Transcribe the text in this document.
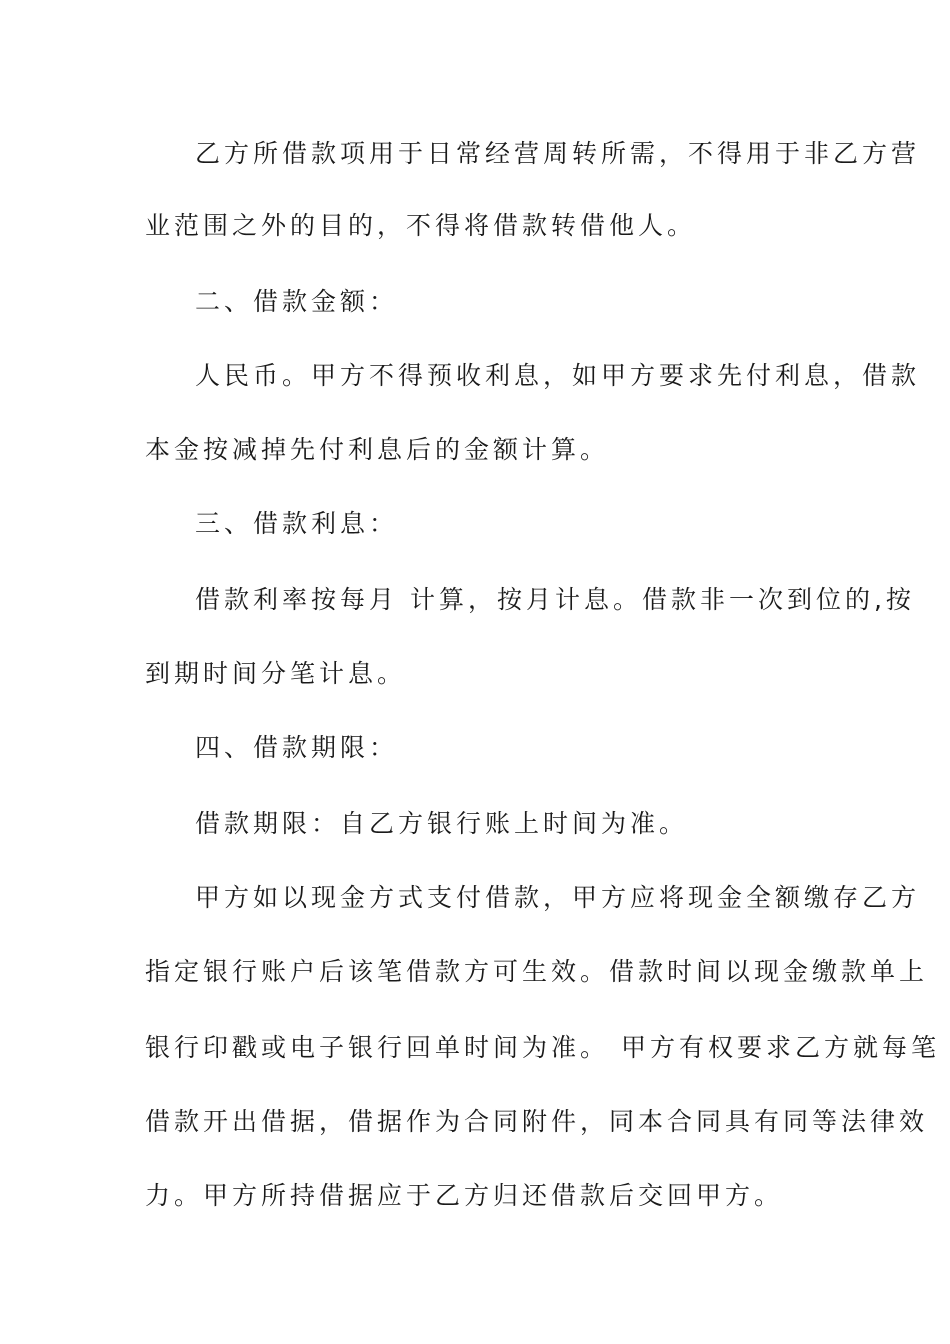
乙方所借款项用于日常经营周转所需，不得用于非乙方营

业范围之外的目的，不得将借款转借他人。

二、借款金额：

人民币。甲方不得预收利息，如甲方要求先付利息，借款

本金按减掉先付利息后的金额计算。

三、借款利息：

借款利率按每月 计算，按月计息。借款非一次到位的,按

到期时间分笔计息。

四、借款期限：

借款期限：自乙方银行账上时间为准。

甲方如以现金方式支付借款，甲方应将现金全额缴存乙方

指定银行账户后该笔借款方可生效。借款时间以现金缴款单上

银行印戳或电子银行回单时间为准。 甲方有权要求乙方就每笔

借款开出借据，借据作为合同附件，同本合同具有同等法律效

力。甲方所持借据应于乙方归还借款后交回甲方。
